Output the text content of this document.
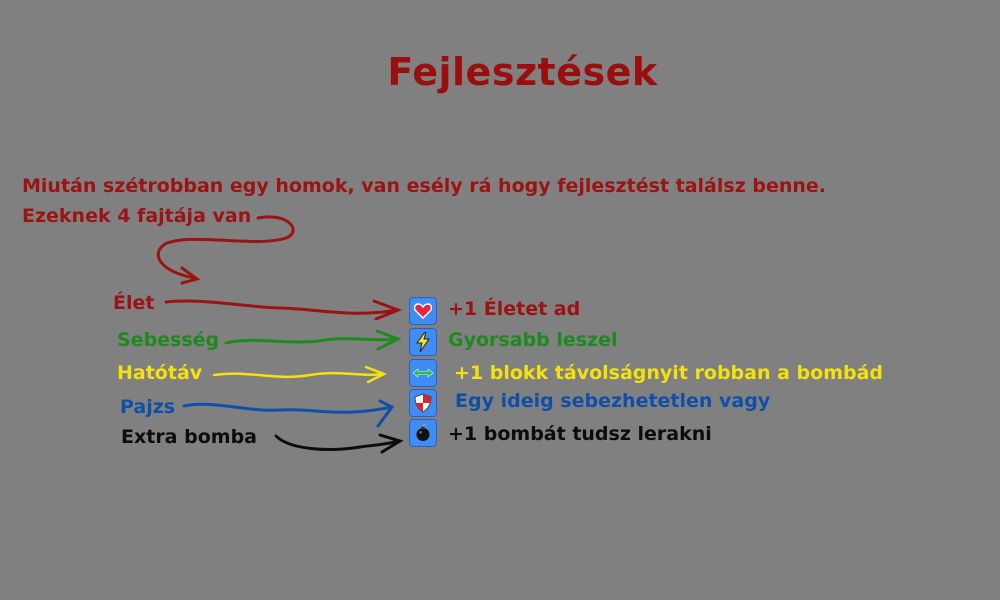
Fejlesztések
Miután szétrobban egy homok, van esély rá hogy fejlesztést találsz benne.
Ezeknek 4 fajtája van
Élet	+1 Életet ad
Sebesség	Gyorsabb leszel
Hatótáv	+1 blokk távolságnyit robban a bombád
Pajzs	Egy ideig sebezhetetlen vagy
Extra bomba	+1 bombát tudsz lerakni
